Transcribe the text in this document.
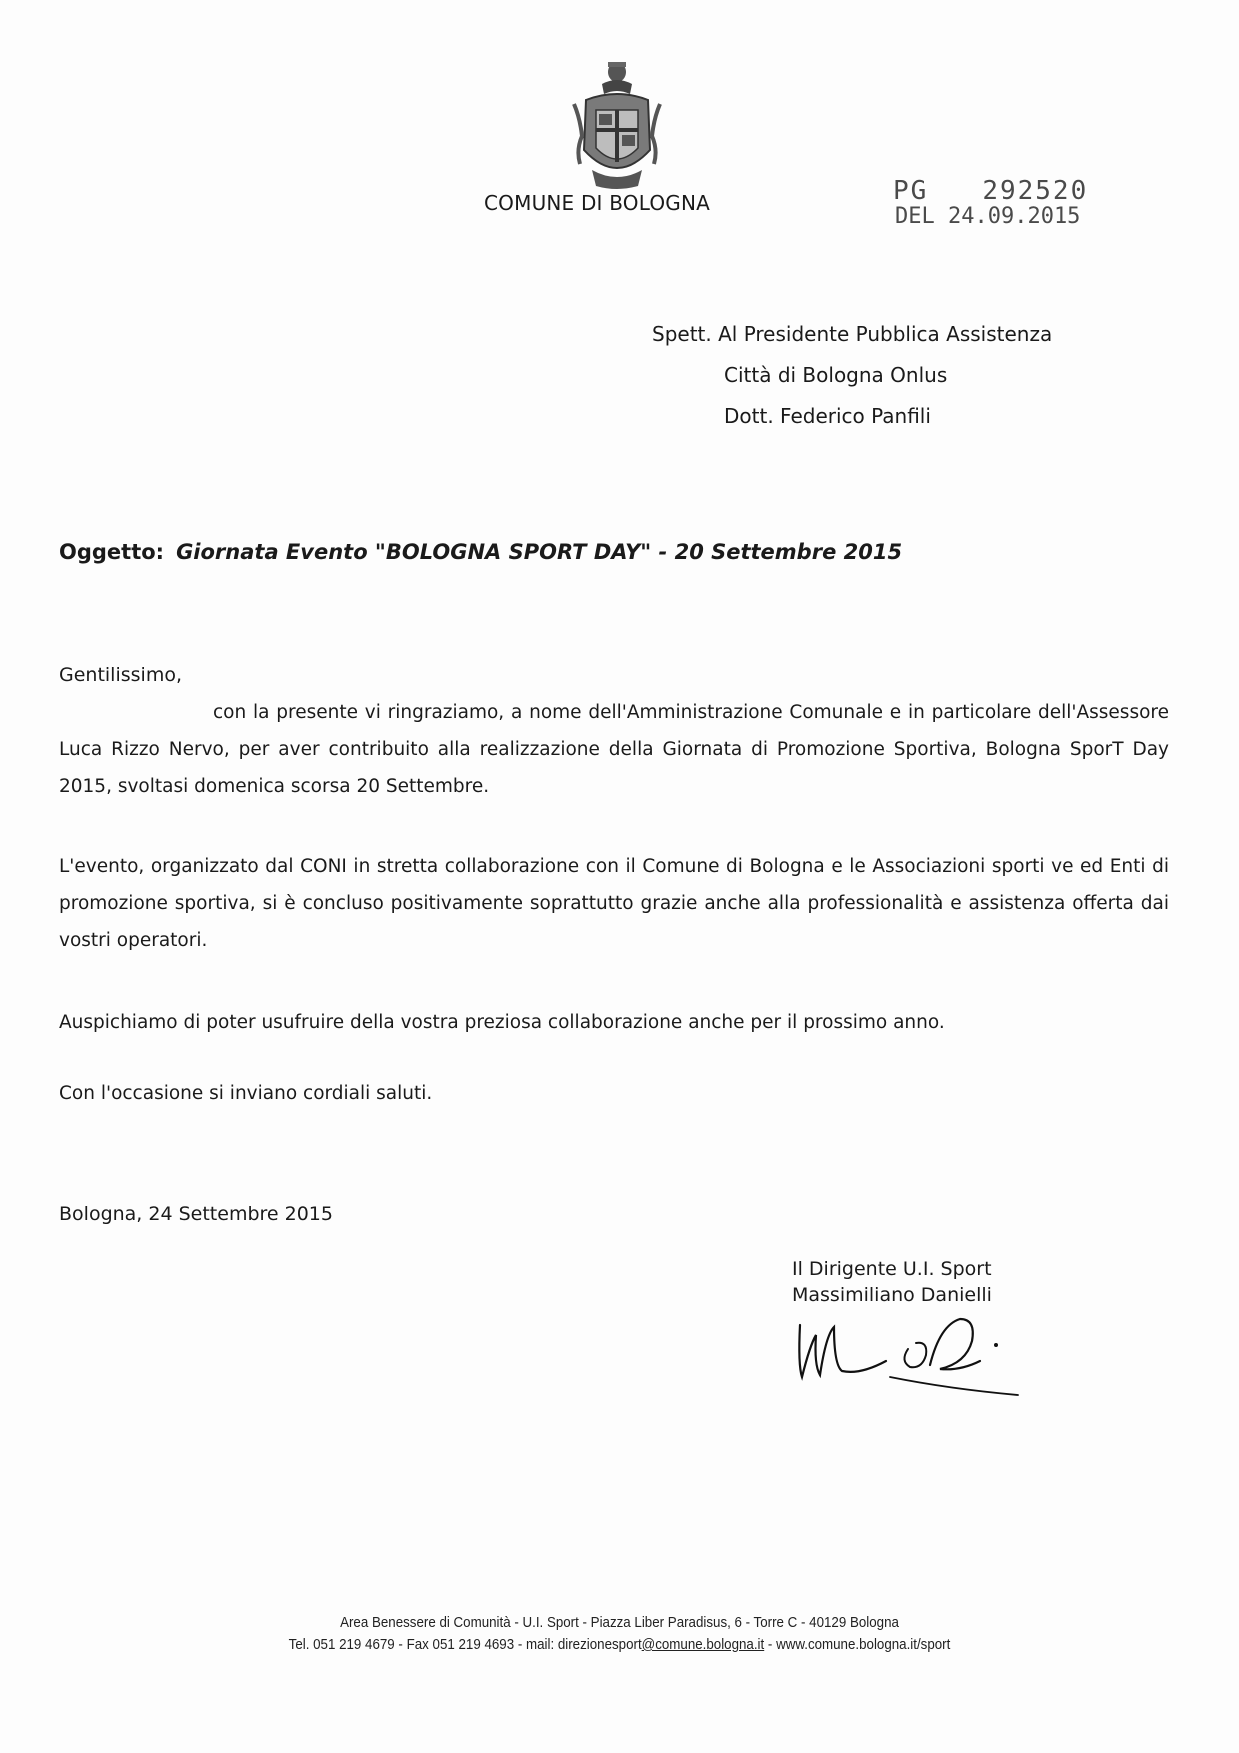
COMUNE DI BOLOGNA	PG 292520
DEL 24.09.2015
Spett. Al Presidente Pubblica Assistenza
Città di Bologna Onlus
Dott. Federico Panfili
Oggetto: Giornata Evento "BOLOGNA SPORT DAY" - 20 Settembre 2015
Gentilissimo,
con la presente vi ringraziamo, a nome dell'Amministrazione Comunale e in particolare dell'Assessore Luca Rizzo Nervo, per aver contribuito alla realizzazione della Giornata di Promozione Sportiva, Bologna SporT Day 2015, svoltasi domenica scorsa 20 Settembre.
L'evento, organizzato dal CONI in stretta collaborazione con il Comune di Bologna e le Associazioni sporti ve ed Enti di promozione sportiva, si è concluso positivamente soprattutto grazie anche alla professionalità e assistenza offerta dai vostri operatori.
Auspichiamo di poter usufruire della vostra preziosa collaborazione anche per il prossimo anno.
Con l'occasione si inviano cordiali saluti.
Bologna, 24 Settembre 2015
Il Dirigente U.I. Sport
Massimiliano Danielli
Area Benessere di Comunità - U.I. Sport - Piazza Liber Paradisus, 6 - Torre C - 40129 Bologna
Tel. 051 219 4679 - Fax 051 219 4693 - mail: direzionesport@comune.bologna.it - www.comune.bologna.it/sport
